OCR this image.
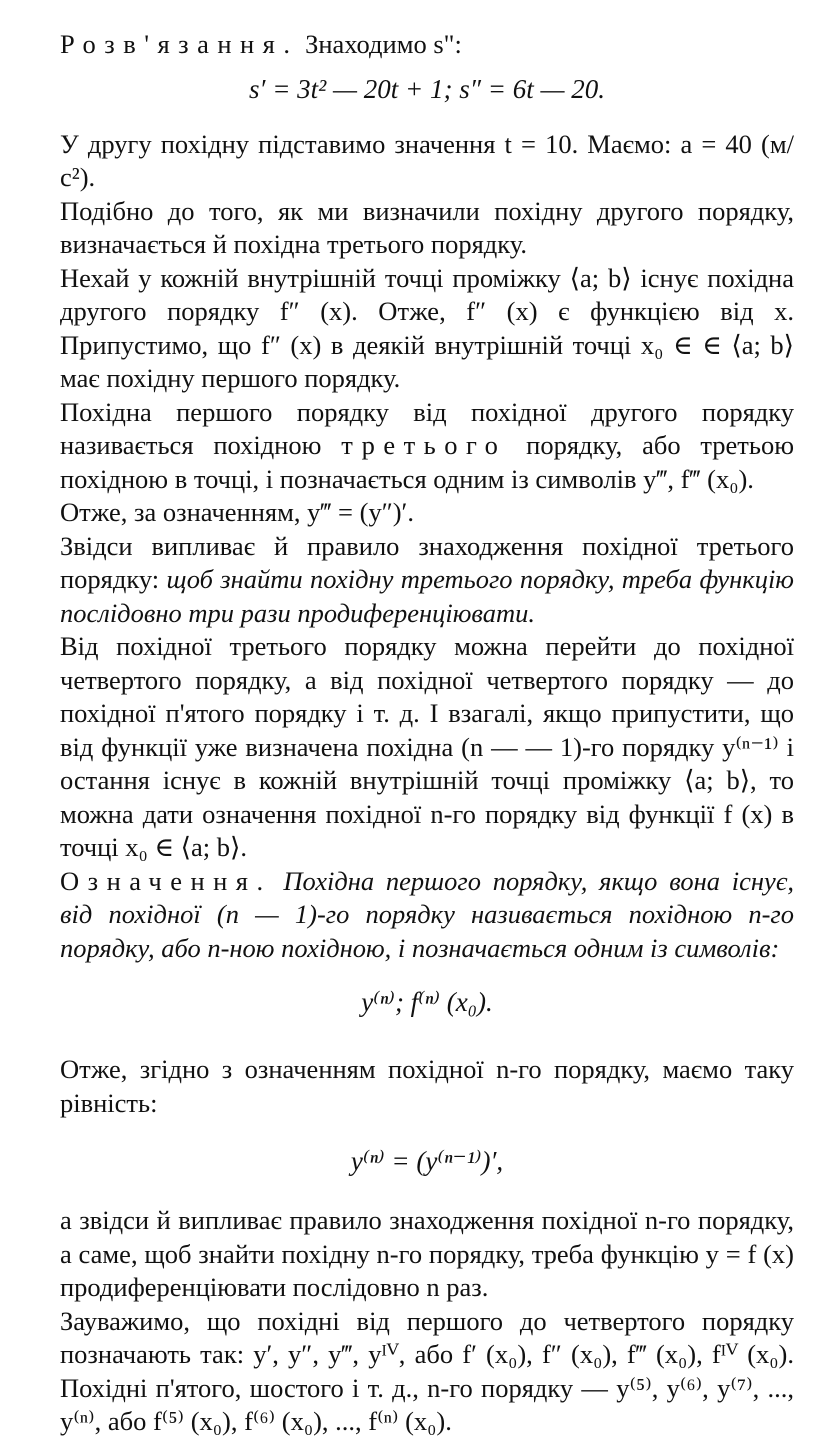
Розв'язання. Знаходимо s":

s′ = 3t² — 20t + 1; s″ = 6t — 20.

У другу похідну підставимо значення t = 10. Маємо: a = 40 (м/с²).

Подібно до того, як ми визначили похідну другого порядку, визначається й похідна третього порядку.

Нехай у кожній внутрішній точці проміжку ⟨a; b⟩ існує похідна другого порядку f″ (x). Отже, f″ (x) є функцією від x. Припустимо, що f″ (x) в деякій внутрішній точці x₀ ∈ ∈ ⟨a; b⟩ має похідну першого порядку.

Похідна першого порядку від похідної другого порядку називається похідною третього порядку, або третьою похідною в точці, і позначається одним із символів y‴, f‴ (x₀).

Отже, за означенням, y‴ = (y″)′.

Звідси випливає й правило знаходження похідної третього порядку: щоб знайти похідну третього порядку, треба функцію послідовно три рази продиференціювати.

Від похідної третього порядку можна перейти до похідної четвертого порядку, а від похідної четвертого порядку — до похідної п'ятого порядку і т. д. І взагалі, якщо припустити, що від функції уже визначена похідна (n — — 1)-го порядку y⁽ⁿ⁻¹⁾ і остання існує в кожній внутрішній точці проміжку ⟨a; b⟩, то можна дати означення похідної n-го порядку від функції f (x) в точці x₀ ∈ ⟨a; b⟩.

Означення. Похідна першого порядку, якщо вона існує, від похідної (n — 1)-го порядку називається похідною n-го порядку, або n-ною похідною, і позначається одним із символів:

y⁽ⁿ⁾; f⁽ⁿ⁾ (x₀).

Отже, згідно з означенням похідної n-го порядку, маємо таку рівність:

y⁽ⁿ⁾ = (y⁽ⁿ⁻¹⁾)′,

а звідси й випливає правило знаходження похідної n-го порядку, а саме, щоб знайти похідну n-го порядку, треба функцію y = f (x) продиференціювати послідовно n раз.

Зауважимо, що похідні від першого до четвертого порядку позначають так: y′, y″, y‴, yᴵⱽ, або f′ (x₀), f″ (x₀), f‴ (x₀), fᴵⱽ (x₀). Похідні п'ятого, шостого і т. д., n-го порядку — y⁽⁵⁾, y⁽⁶⁾, y⁽⁷⁾, ..., y⁽ⁿ⁾, або f⁽⁵⁾ (x₀), f⁽⁶⁾ (x₀), ..., f⁽ⁿ⁾ (x₀).
